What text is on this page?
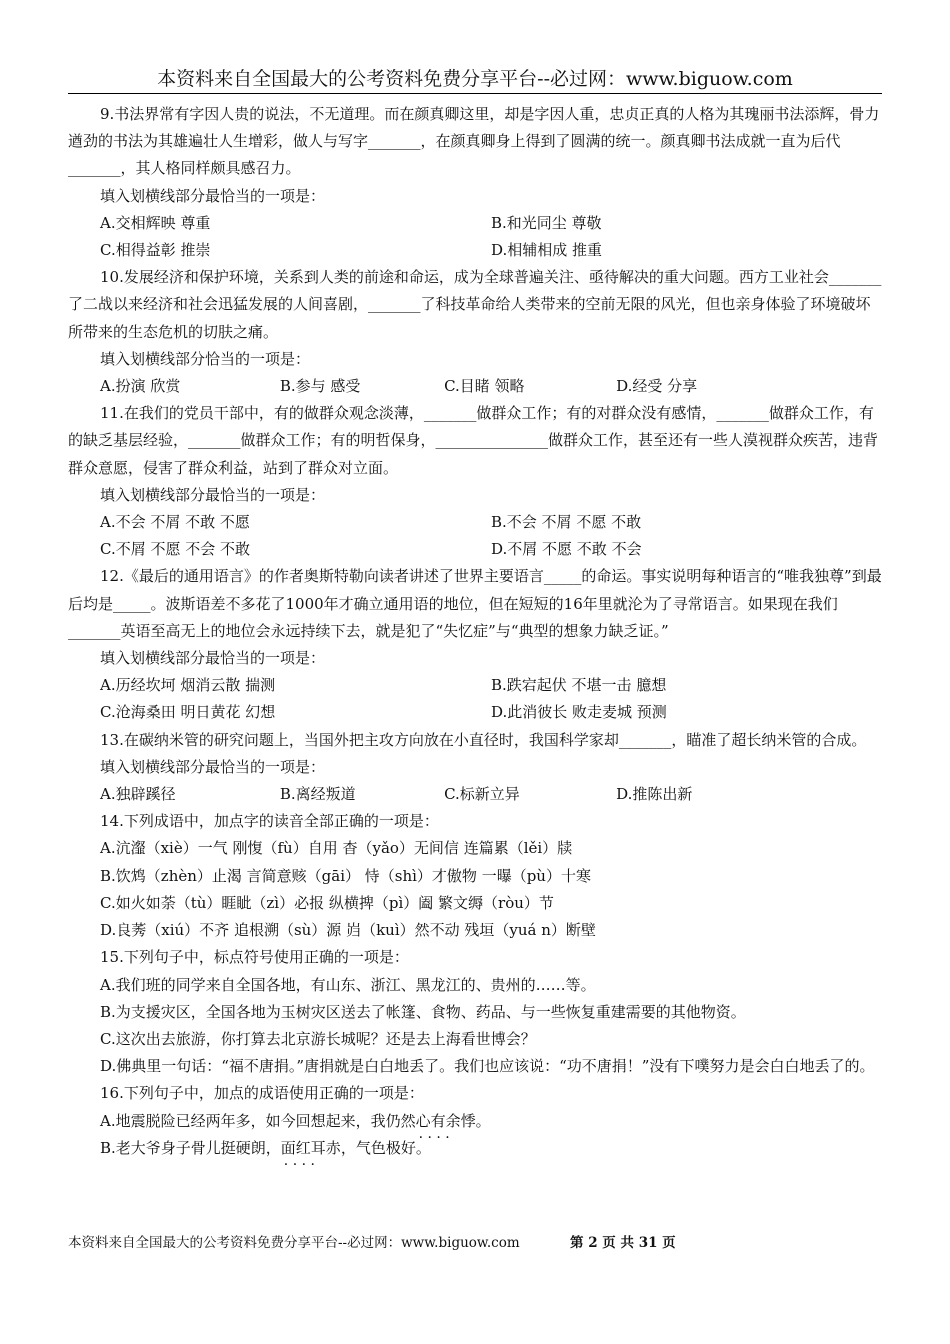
本资料来自全国最大的公考资料免费分享平台--必过网：www.biguow.com

9.书法界常有字因人贵的说法，不无道理。而在颜真卿这里，却是字因人重，忠贞正真的人格为其瑰丽书法添辉，骨力遒劲的书法为其雄遍壮人生增彩，做人与写字_______，在颜真卿身上得到了圆满的统一。颜真卿书法成就一直为后代_______，其人格同样颇具感召力。

填入划横线部分最恰当的一项是：

A.交相辉映 尊重	B.和光同尘 尊敬
C.相得益彰 推崇	D.相辅相成 推重

10.发展经济和保护环境，关系到人类的前途和命运，成为全球普遍关注、亟待解决的重大问题。西方工业社会_______了二战以来经济和社会迅猛发展的人间喜剧，_______了科技革命给人类带来的空前无限的风光，但也亲身体验了环境破坏所带来的生态危机的切肤之痛。

填入划横线部分恰当的一项是：

A.扮演 欣赏	B.参与 感受	C.目睹 领略	D.经受 分享

11.在我们的党员干部中，有的做群众观念淡薄，_______做群众工作；有的对群众没有感情，_______做群众工作，有的缺乏基层经验，_______做群众工作；有的明哲保身，_______________做群众工作，甚至还有一些人漠视群众疾苦，违背群众意愿，侵害了群众利益，站到了群众对立面。

填入划横线部分最恰当的一项是：

A.不会 不屑 不敢 不愿	B.不会 不屑 不愿 不敢
C.不屑 不愿 不会 不敢	D.不屑 不愿 不敢 不会

12.《最后的通用语言》的作者奥斯特勒向读者讲述了世界主要语言_____的命运。事实说明每种语言的“唯我独尊”到最后均是_____。波斯语差不多花了1000年才确立通用语的地位，但在短短的16年里就沦为了寻常语言。如果现在我们_______英语至高无上的地位会永远持续下去，就是犯了“失忆症”与“典型的想象力缺乏证。”

填入划横线部分最恰当的一项是：

A.历经坎坷 烟消云散 揣测	B.跌宕起伏 不堪一击 臆想
C.沧海桑田 明日黄花 幻想	D.此消彼长 败走麦城 预测

13.在碳纳米管的研究问题上，当国外把主攻方向放在小直径时，我国科学家却_______，瞄准了超长纳米管的合成。

填入划横线部分最恰当的一项是：

A.独辟蹊径	B.离经叛道	C.标新立异	D.推陈出新

14.下列成语中，加点字的读音全部正确的一项是：

A.沆瀣（xiè）一气 刚愎（fù）自用 杳（yǎo）无间信 连篇累（lěi）牍

B.饮鸩（zhèn）止渴 言简意赅（gāi） 恃（shì）才傲物 一曝（pù）十寒

C.如火如荼（tù）睚眦（zì）必报 纵横捭（pì）阖 繁文缛（ròu）节

D.良莠（xiú）不齐 追根溯（sù）源 岿（kuì）然不动 残垣（yuá n）断壁

15.下列句子中，标点符号使用正确的一项是：

A.我们班的同学来自全国各地，有山东、浙江、黑龙江的、贵州的……等。

B.为支援灾区，全国各地为玉树灾区送去了帐篷、食物、药品、与一些恢复重建需要的其他物资。

C.这次出去旅游，你打算去北京游长城呢？还是去上海看世博会？

D.佛典里一句话：“福不唐捐。”唐捐就是白白地丢了。我们也应该说：“功不唐捐！”没有下噗努力是会白白地丢了的。

16.下列句子中，加点的成语使用正确的一项是：

A.地震脱险已经两年多，如今回想起来，我仍然心有余悸 · · · ·。

B.老大爷身子骨儿挺硬朗，面红耳赤 · · · ·，气色极好。

本资料来自全国最大的公考资料免费分享平台--必过网：www.biguow.com	第 2 页 共 31 页
